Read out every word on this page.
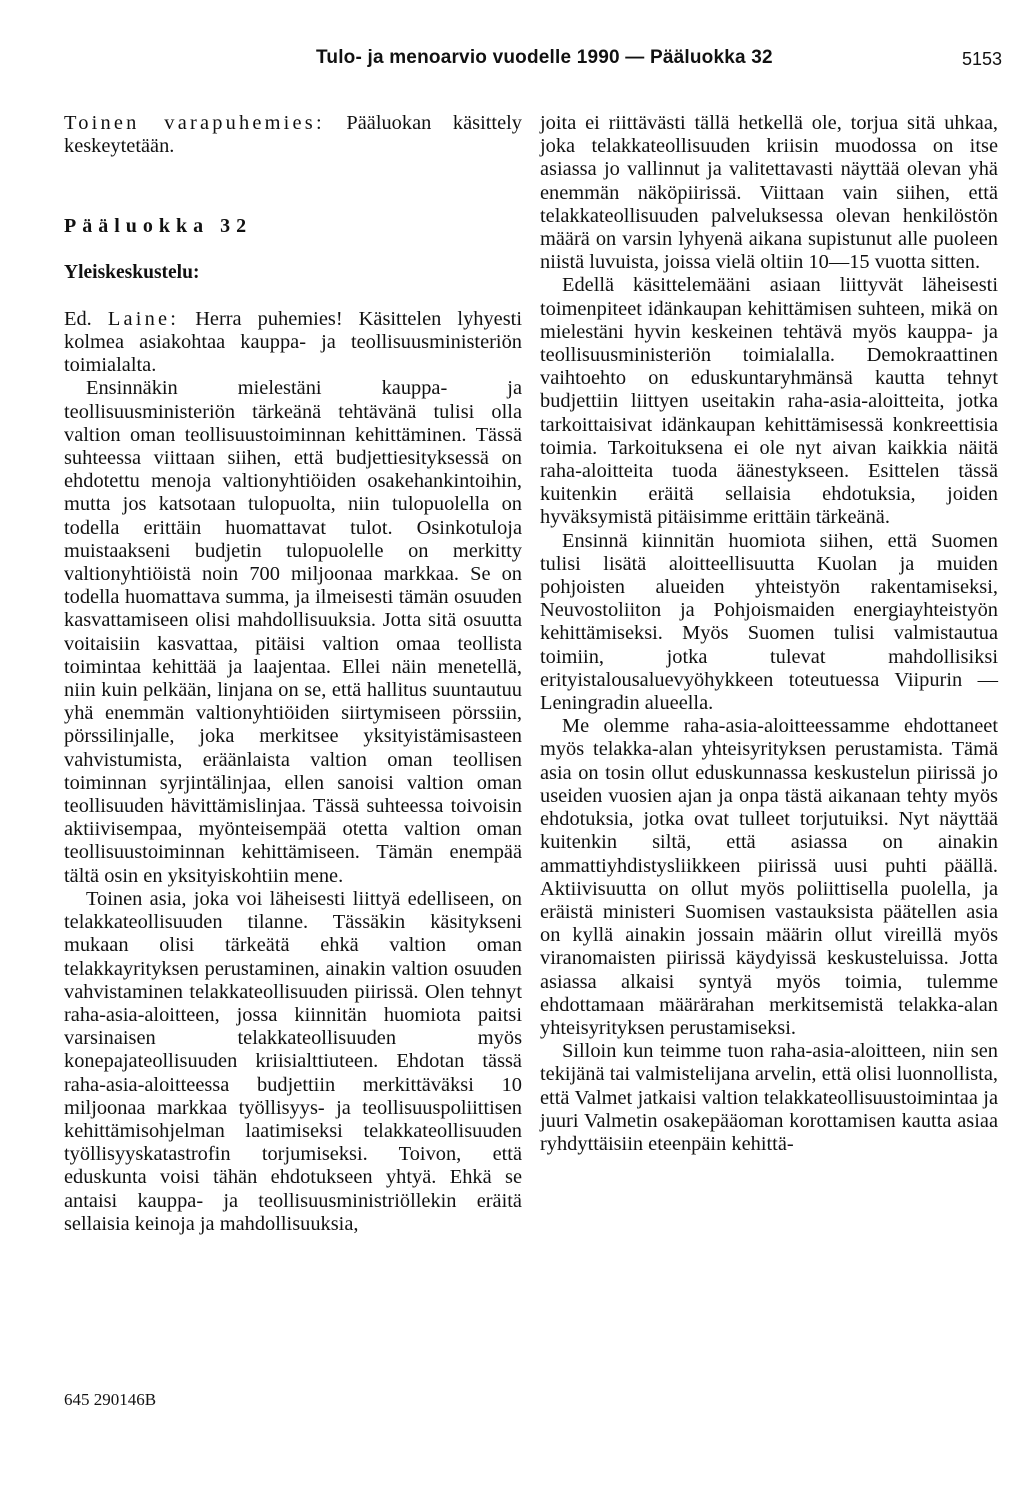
Tulo- ja menoarvio vuodelle 1990 — Pääluokka 32	5153

Toinen varapuhemies: Pääluokan käsittely keskeytetään.

Pääluokka 32

Yleiskeskustelu:

Ed. Laine: Herra puhemies! Käsittelen lyhyesti kolmea asiakohtaa kauppa- ja teollisuusministeriön toimialalta.

Ensinnäkin mielestäni kauppa- ja teollisuusministeriön tärkeänä tehtävänä tulisi olla valtion oman teollisuustoiminnan kehittäminen. Tässä suhteessa viittaan siihen, että budjettiesityksessä on ehdotettu menoja valtionyhtiöiden osakehankintoihin, mutta jos katsotaan tulopuolta, niin tulopuolella on todella erittäin huomattavat tulot. Osinkotuloja muistaakseni budjetin tulopuolelle on merkitty valtionyhtiöistä noin 700 miljoonaa markkaa. Se on todella huomattava summa, ja ilmeisesti tämän osuuden kasvattamiseen olisi mahdollisuuksia. Jotta sitä osuutta voitaisiin kasvattaa, pitäisi valtion omaa teollista toimintaa kehittää ja laajentaa. Ellei näin menetellä, niin kuin pelkään, linjana on se, että hallitus suuntautuu yhä enemmän valtionyhtiöiden siirtymiseen pörssiin, pörssilinjalle, joka merkitsee yksityistämisasteen vahvistumista, eräänlaista valtion oman teollisen toiminnan syrjintälinjaa, ellen sanoisi valtion oman teollisuuden hävittämislinjaa. Tässä suhteessa toivoisin aktiivisempaa, myönteisempää otetta valtion oman teollisuustoiminnan kehittämiseen. Tämän enempää tältä osin en yksityiskohtiin mene.

Toinen asia, joka voi läheisesti liittyä edelliseen, on telakkateollisuuden tilanne. Tässäkin käsitykseni mukaan olisi tärkeätä ehkä valtion oman telakkayrityksen perustaminen, ainakin valtion osuuden vahvistaminen telakkateollisuuden piirissä. Olen tehnyt raha-asia-aloitteen, jossa kiinnitän huomiota paitsi varsinaisen telakkateollisuuden myös konepajateollisuuden kriisialttiuteen. Ehdotan tässä raha-asia-aloitteessa budjettiin merkittäväksi 10 miljoonaa markkaa työllisyys- ja teollisuuspoliittisen kehittämisohjelman laatimiseksi telakkateollisuuden työllisyyskatastrofin torjumiseksi. Toivon, että eduskunta voisi tähän ehdotukseen yhtyä. Ehkä se antaisi kauppa- ja teollisuusministriöllekin eräitä sellaisia keinoja ja mahdollisuuksia,

joita ei riittävästi tällä hetkellä ole, torjua sitä uhkaa, joka telakkateollisuuden kriisin muodossa on itse asiassa jo vallinnut ja valitettavasti näyttää olevan yhä enemmän näköpiirissä. Viittaan vain siihen, että telakkateollisuuden palveluksessa olevan henkilöstön määrä on varsin lyhyenä aikana supistunut alle puoleen niistä luvuista, joissa vielä oltiin 10—15 vuotta sitten.

Edellä käsittelemääni asiaan liittyvät läheisesti toimenpiteet idänkaupan kehittämisen suhteen, mikä on mielestäni hyvin keskeinen tehtävä myös kauppa- ja teollisuusministeriön toimialalla. Demokraattinen vaihtoehto on eduskuntaryhmänsä kautta tehnyt budjettiin liittyen useitakin raha-asia-aloitteita, jotka tarkoittaisivat idänkaupan kehittämisessä konkreettisia toimia. Tarkoituksena ei ole nyt aivan kaikkia näitä raha-aloitteita tuoda äänestykseen. Esittelen tässä kuitenkin eräitä sellaisia ehdotuksia, joiden hyväksymistä pitäisimme erittäin tärkeänä.

Ensinnä kiinnitän huomiota siihen, että Suomen tulisi lisätä aloitteellisuutta Kuolan ja muiden pohjoisten alueiden yhteistyön rakentamiseksi, Neuvostoliiton ja Pohjoismaiden energiayhteistyön kehittämiseksi. Myös Suomen tulisi valmistautua toimiin, jotka tulevat mahdollisiksi erityistalousaluevyöhykkeen toteutuessa Viipurin —Leningradin alueella.

Me olemme raha-asia-aloitteessamme ehdottaneet myös telakka-alan yhteisyrityksen perustamista. Tämä asia on tosin ollut eduskunnassa keskustelun piirissä jo useiden vuosien ajan ja onpa tästä aikanaan tehty myös ehdotuksia, jotka ovat tulleet torjutuiksi. Nyt näyttää kuitenkin siltä, että asiassa on ainakin ammattiyhdistysliikkeen piirissä uusi puhti päällä. Aktiivisuutta on ollut myös poliittisella puolella, ja eräistä ministeri Suomisen vastauksista päätellen asia on kyllä ainakin jossain määrin ollut vireillä myös viranomaisten piirissä käydyissä keskusteluissa. Jotta asiassa alkaisi syntyä myös toimia, tulemme ehdottamaan määrärahan merkitsemistä telakka-alan yhteisyrityksen perustamiseksi.

Silloin kun teimme tuon raha-asia-aloitteen, niin sen tekijänä tai valmistelijana arvelin, että olisi luonnollista, että Valmet jatkaisi valtion telakkateollisuustoimintaa ja juuri Valmetin osakepääoman korottamisen kautta asiaa ryhdyttäisiin eteenpäin kehittä-

645 290146B
